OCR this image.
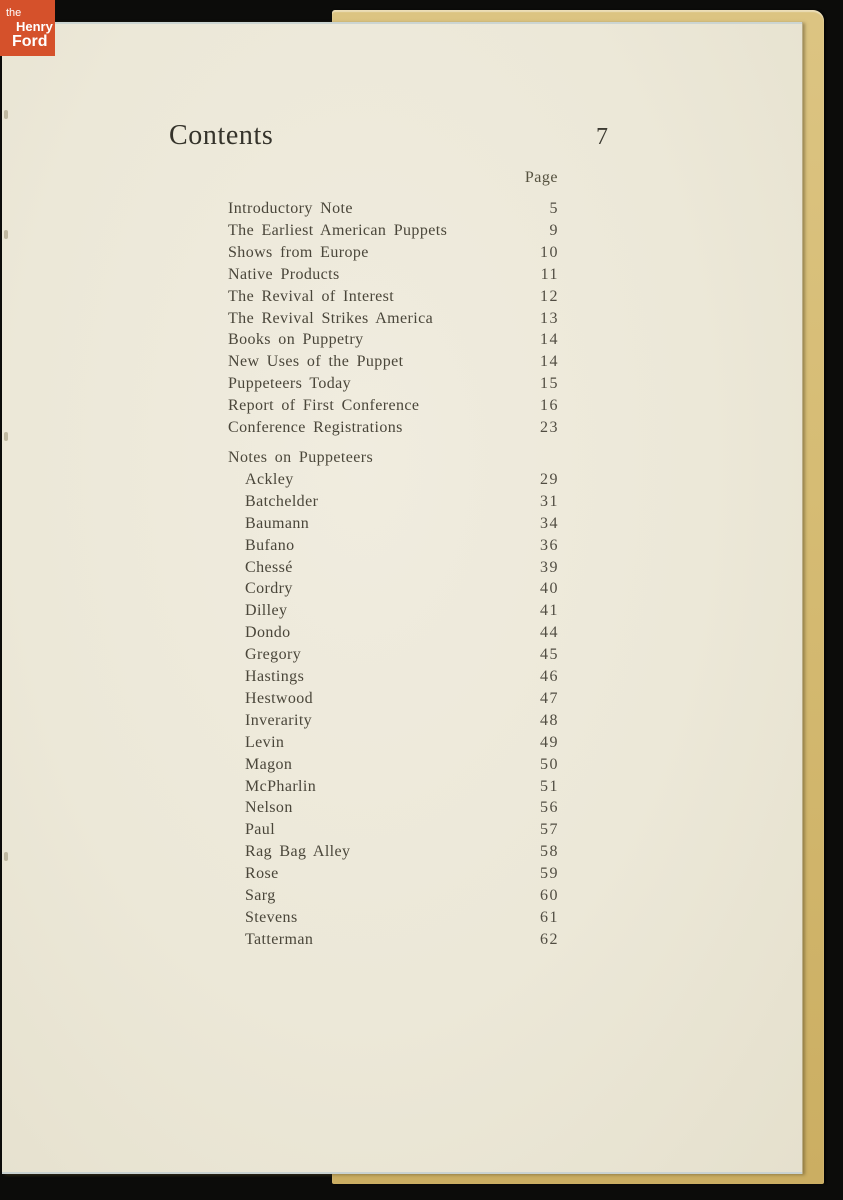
Contents	7
Page
Introductory Note	5
The Earliest American Puppets	9
Shows from Europe	10
Native Products	11
The Revival of Interest	12
The Revival Strikes America	13
Books on Puppetry	14
New Uses of the Puppet	14
Puppeteers Today	15
Report of First Conference	16
Conference Registrations	23
Notes on Puppeteers
Ackley	29
Batchelder	31
Baumann	34
Bufano	36
Chessé	39
Cordry	40
Dilley	41
Dondo	44
Gregory	45
Hastings	46
Hestwood	47
Inverarity	48
Levin	49
Magon	50
McPharlin	51
Nelson	56
Paul	57
Rag Bag Alley	58
Rose	59
Sarg	60
Stevens	61
Tatterman	62
the
Henry
Ford
